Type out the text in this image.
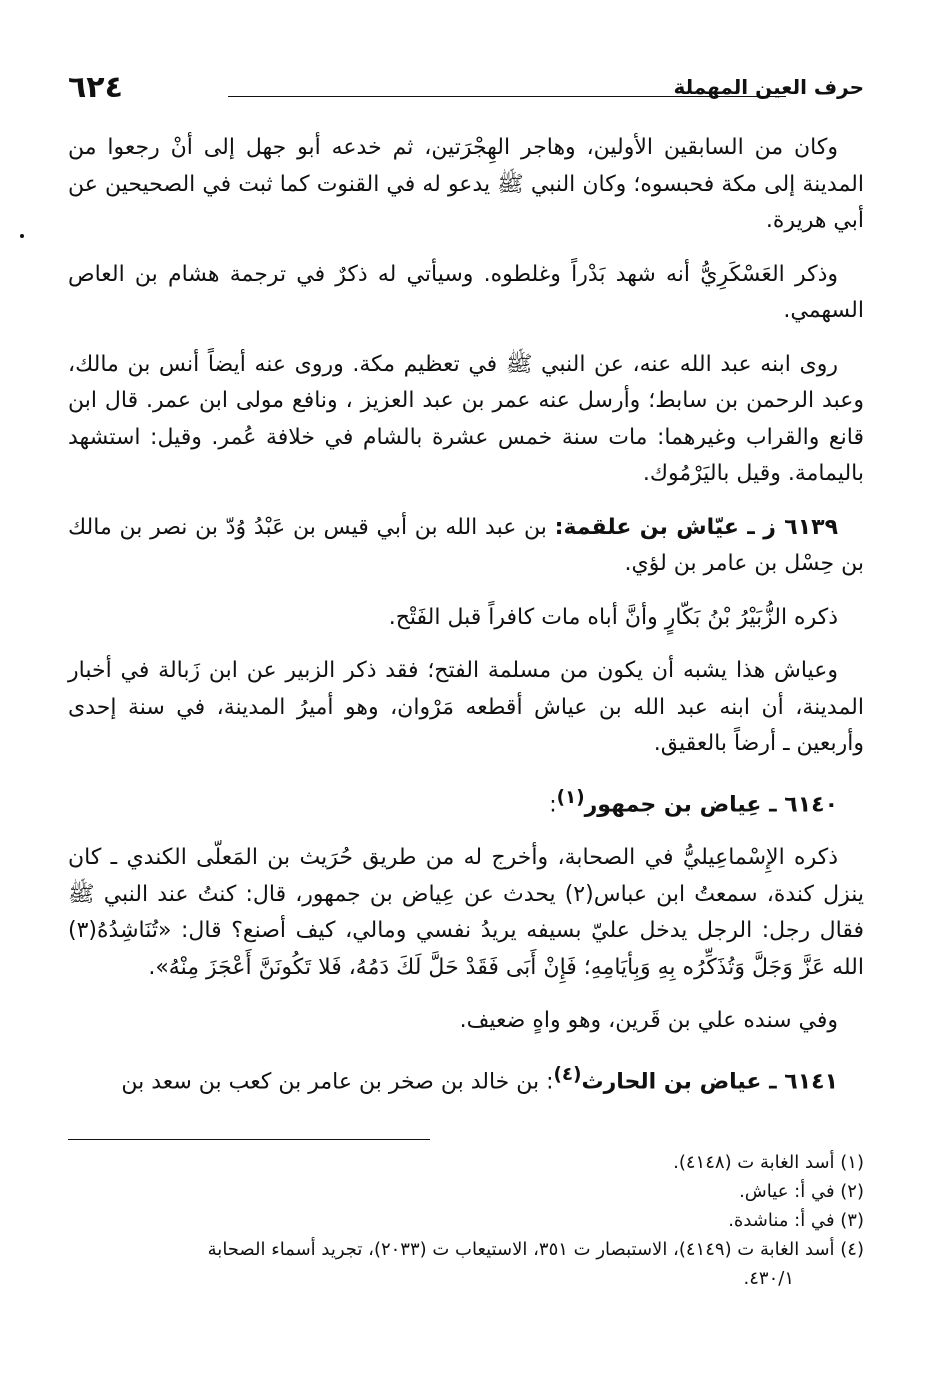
حرف العين المهملة
٦٢٤

وكان من السابقين الأولين، وهاجر الهِجْرَتين، ثم خدعه أبو جهل إلى أنْ رجعوا من المدينة إلى مكة فحبسوه؛ وكان النبي ﷺ يدعو له في القنوت كما ثبت في الصحيحين عن أبي هريرة.

وذكر العَسْكَرِيُّ أنه شهد بَدْراً وغلطوه. وسيأتي له ذكرٌ في ترجمة هشام بن العاص السهمي.

روى ابنه عبد الله عنه، عن النبي ﷺ في تعظيم مكة. وروى عنه أيضاً أنس بن مالك، وعبد الرحمن بن سابط؛ وأرسل عنه عمر بن عبد العزيز ، ونافع مولى ابن عمر. قال ابن قانع والقراب وغيرهما: مات سنة خمس عشرة بالشام في خلافة عُمر. وقيل: استشهد باليمامة. وقيل باليَرْمُوك.

٦١٣٩ ز ـ عيّاش بن علقمة: بن عبد الله بن أبي قيس بن عَبْدُ وُدّ بن نصر بن مالك بن حِسْل بن عامر بن لؤي.

ذكره الزُّبَيْرُ بْنُ بَكّارٍ وأنَّ أباه مات كافراً قبل الفَتْح.

وعياش هذا يشبه أن يكون من مسلمة الفتح؛ فقد ذكر الزبير عن ابن زَبالة في أخبار المدينة، أن ابنه عبد الله بن عياش أقطعه مَرْوان، وهو أميرُ المدينة، في سنة إحدى وأربعين ـ أرضاً بالعقيق.

٦١٤٠ ـ عِياض بن جمهور$^{(١)}$:

ذكره الإِسْماعِيليُّ في الصحابة، وأخرج له من طريق حُرَيث بن المَعلّى الكندي ـ كان ينزل كندة، سمعتُ ابن عباس(٢) يحدث عن عِياض بن جمهور، قال: كنتُ عند النبي ﷺ فقال رجل: الرجل يدخل عليّ بسيفه يريدُ نفسي ومالي، كيف أصنع؟ قال: «تُنَاشِدُهُ(٣) الله عَزَّ وَجَلَّ وَتُذَكِّرُه بِهِ وَبِأيَامِهِ؛ فَإِنْ أَبَى فَقَدْ حَلَّ لَكَ دَمُهُ، فَلا تَكُونَنَّ أَعْجَزَ مِنْهُ».

وفي سنده علي بن قَرين، وهو واهٍ ضعيف.

٦١٤١ ـ عياض بن الحارث$^{(٤)}$: بن خالد بن صخر بن عامر بن كعب بن سعد بن

(١) أسد الغابة ت (٤١٤٨).

(٢) في أ: عياش.

(٣) في أ: مناشدة.

(٤) أسد الغابة ت (٤١٤٩)، الاستبصار ت ٣٥١، الاستيعاب ت (٢٠٣٣)، تجريد أسماء الصحابة

٤٣٠/١.
